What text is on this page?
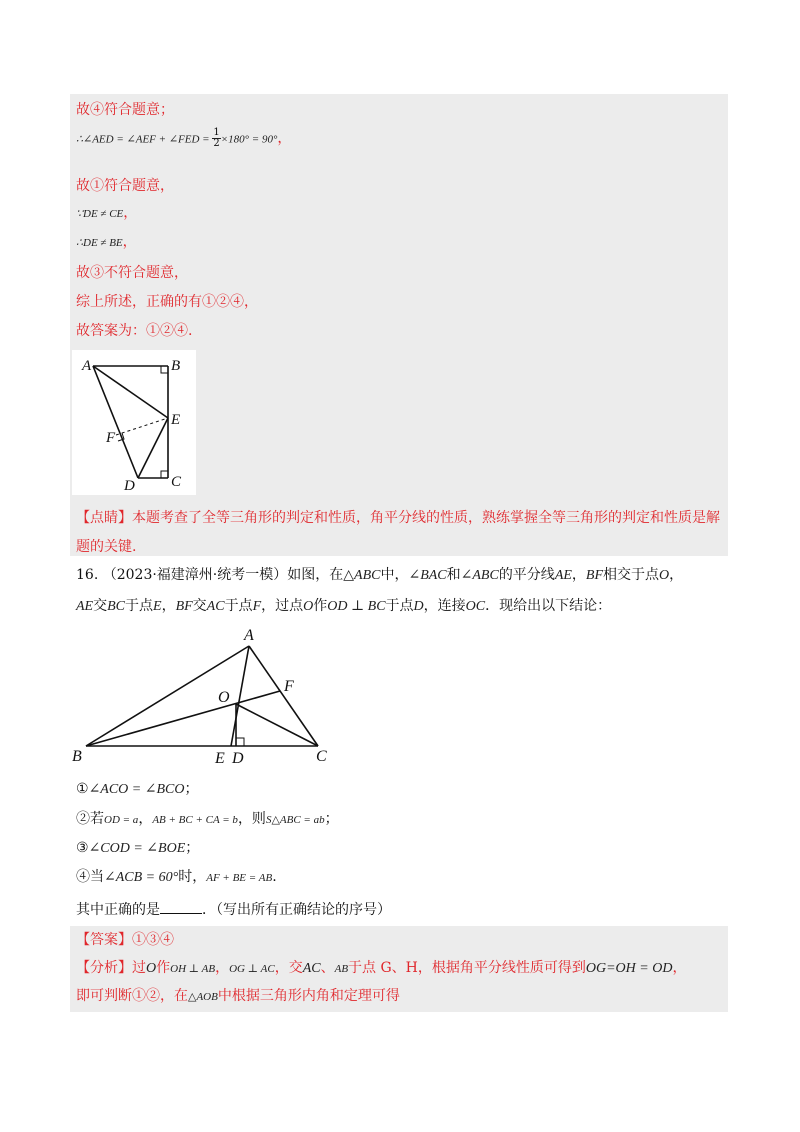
故④符合题意；
∴∠AED = ∠AEF + ∠FED = $\frac{1}{2} \times 180^\circ = 90^\circ$，
故①符合题意，
∵DE ≠ CE，
∴DE ≠ BE，
故③不符合题意，
综上所述，正确的有①②④，
故答案为：①②④.
A	B
E
F
D C
【点睛】本题考查了全等三角形的判定和性质，角平分线的性质，熟练掌握全等三角形的判定和性质是解
题的关键.
16. （2023·福建漳州·统考一模）如图，在△ABC中，∠BAC和∠ABC的平分线AE，BF相交于点O，
AE交BC于点E，BF交AC于点F，过点O作OD ⊥ BC于点D，连接OC．现给出以下结论：
A
B	C
O
F
E D
①∠ACO = ∠BCO；
②若OD = a，AB + BC + CA = b，则S△ABC = ab；
③∠COD = ∠BOE；
④当∠ACB = 60°时，AF + BE = AB.
其中正确的是	．（写出所有正确结论的序号）
【答案】①③④
【分析】过O作OH ⊥ AB，OG ⊥ AC，交AC、AB于点 G、H，根据角平分线性质可得到OG=OH = OD，
即可判断①②，在△AOB中根据三角形内角和定理可得
